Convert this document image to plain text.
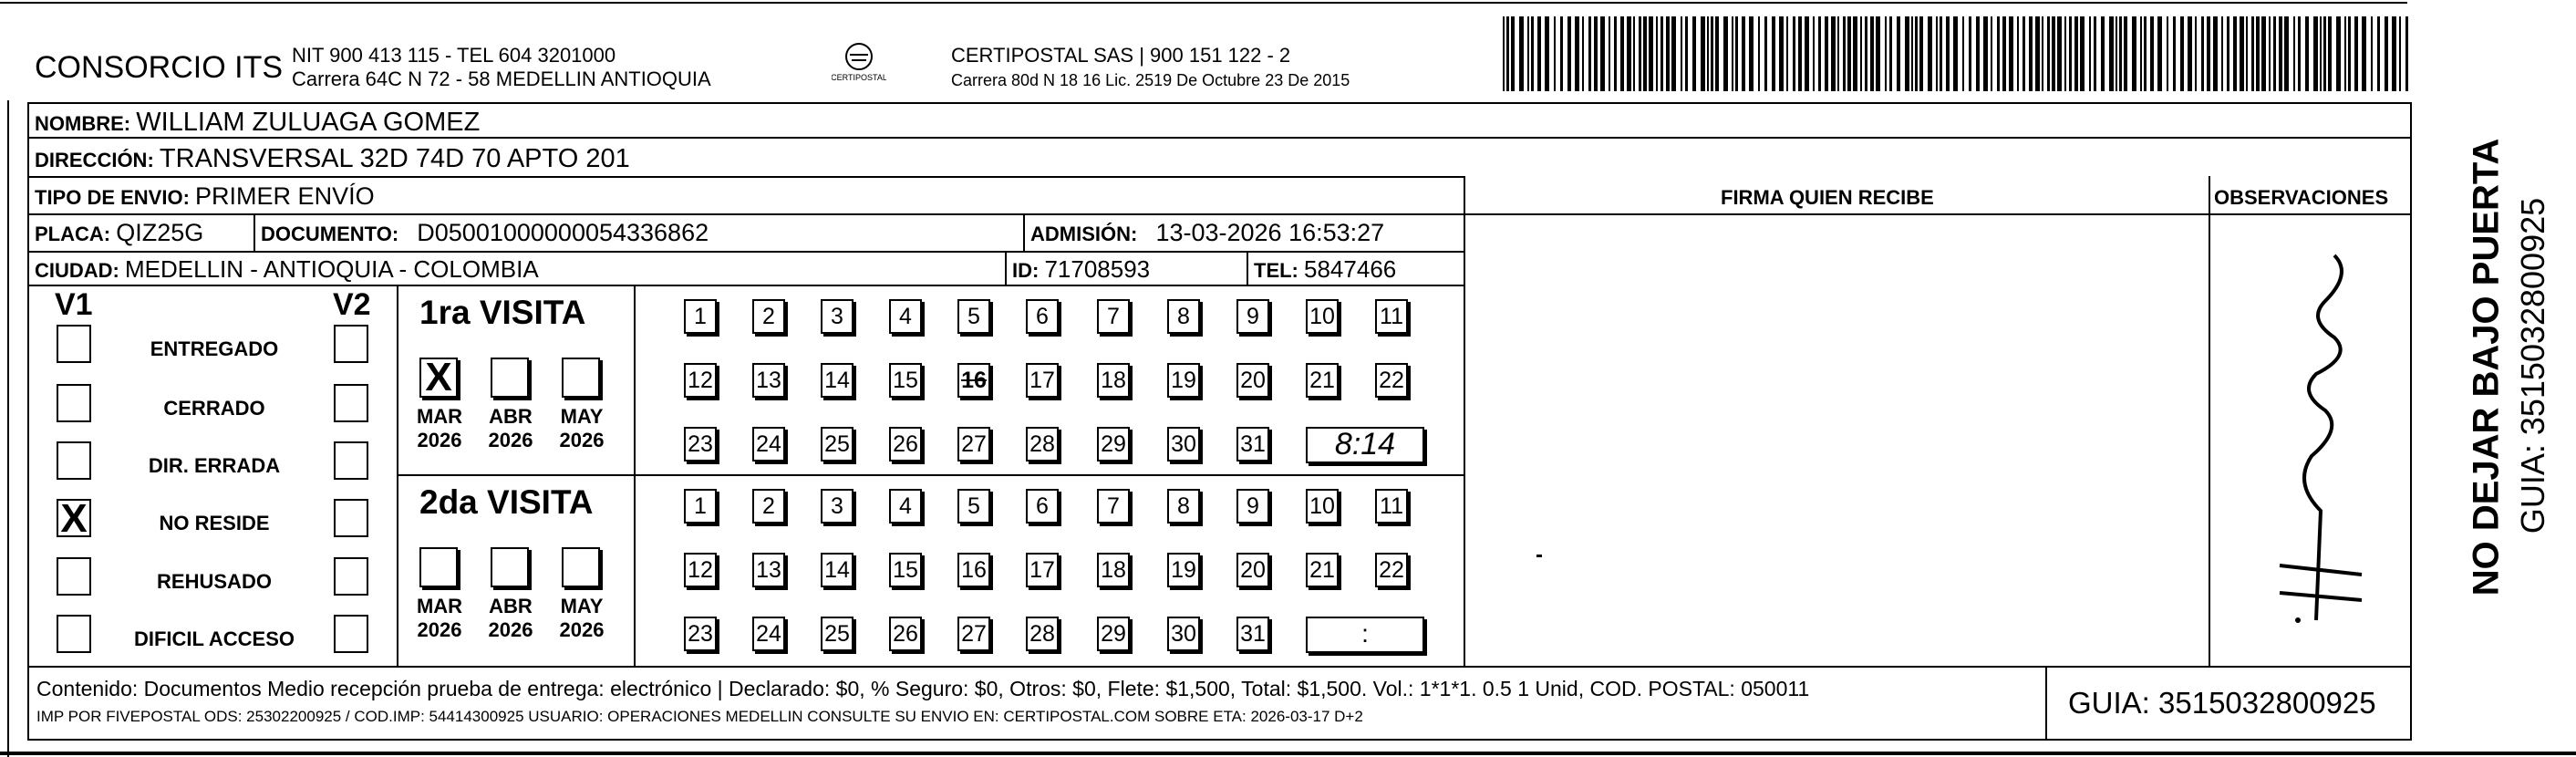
CONSORCIO ITS NIT 900 413 115 - TEL 604 3201000
Carrera 64C N 72 - 58 MEDELLIN ANTIOQUIA	CERTIPOSTAL
CERTIPOSTAL SAS | 900 151 122 - 2
Carrera 80d N 18 16 Lic. 2519 De Octubre 23 De 2015
NOMBRE: WILLIAM ZULUAGA GOMEZ
DIRECCIÓN: TRANSVERSAL 32D 74D 70 APTO 201
TIPO DE ENVIO: PRIMER ENVÍO
PLACA: QIZ25G	DOCUMENTO: D05001000000054336862	ADMISIÓN: 13-03-2026 16:53:27
CIUDAD: MEDELLIN - ANTIOQUIA - COLOMBIA	ID: 71708593	TEL: 5847466
FIRMA QUIEN RECIBE	OBSERVACIONES
V1	V2
ENTREGADO
CERRADO
DIR. ERRADA
X	NO RESIDE
REHUSADO
DIFICIL ACCESO
1ra VISITA
X
MAR
2026
ABR
2026
MAY
2026
1	2	3	4	5	6	7	8	9	10 11
12 13 14 15 16 17 18 19 20 21 22
23 24 25 26 27 28 29 30 31	8:14
2da VISITA
MAR
2026
ABR
2026
MAY
2026
1	2	3	4	5	6	7	8	9	10 11
12 13 14 15 16 17 18 19 20 21 22
23 24 25 26 27 28 29 30 31	:
Contenido: Documentos Medio recepción prueba de entrega: electrónico | Declarado: $0, % Seguro: $0, Otros: $0, Flete: $1,500, Total: $1,500. Vol.: 1*1*1. 0.5 1 Unid, COD. POSTAL: 050011
IMP POR FIVEPOSTAL ODS: 25302200925 / COD.IMP: 54414300925 USUARIO: OPERACIONES MEDELLIN CONSULTE SU ENVIO EN: CERTIPOSTAL.COM SOBRE ETA: 2026-03-17 D+2	GUIA: 3515032800925
NO DEJAR BAJO PUERTA GUIA: 3515032800925
